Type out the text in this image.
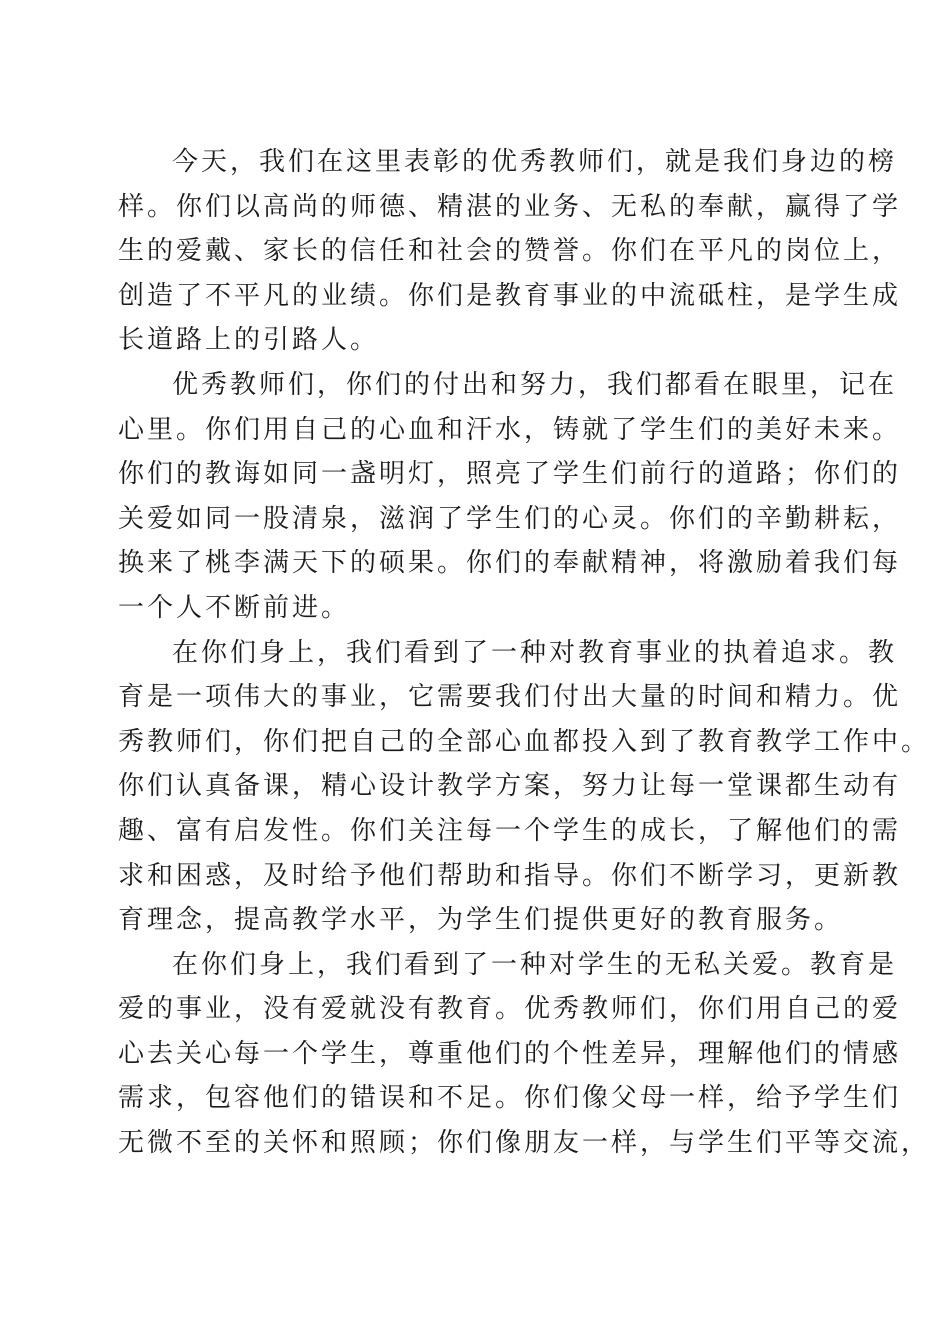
今天，我们在这里表彰的优秀教师们，就是我们身边的榜
样。你们以高尚的师德、精湛的业务、无私的奉献，赢得了学
生的爱戴、家长的信任和社会的赞誉。你们在平凡的岗位上，
创造了不平凡的业绩。你们是教育事业的中流砥柱，是学生成
长道路上的引路人。
优秀教师们，你们的付出和努力，我们都看在眼里，记在
心里。你们用自己的心血和汗水，铸就了学生们的美好未来。
你们的教诲如同一盏明灯，照亮了学生们前行的道路；你们的
关爱如同一股清泉，滋润了学生们的心灵。你们的辛勤耕耘，
换来了桃李满天下的硕果。你们的奉献精神，将激励着我们每
一个人不断前进。
在你们身上，我们看到了一种对教育事业的执着追求。教
育是一项伟大的事业，它需要我们付出大量的时间和精力。优
秀教师们，你们把自己的全部心血都投入到了教育教学工作中。
你们认真备课，精心设计教学方案，努力让每一堂课都生动有
趣、富有启发性。你们关注每一个学生的成长，了解他们的需
求和困惑，及时给予他们帮助和指导。你们不断学习，更新教
育理念，提高教学水平，为学生们提供更好的教育服务。
在你们身上，我们看到了一种对学生的无私关爱。教育是
爱的事业，没有爱就没有教育。优秀教师们，你们用自己的爱
心去关心每一个学生，尊重他们的个性差异，理解他们的情感
需求，包容他们的错误和不足。你们像父母一样，给予学生们
无微不至的关怀和照顾；你们像朋友一样，与学生们平等交流，
